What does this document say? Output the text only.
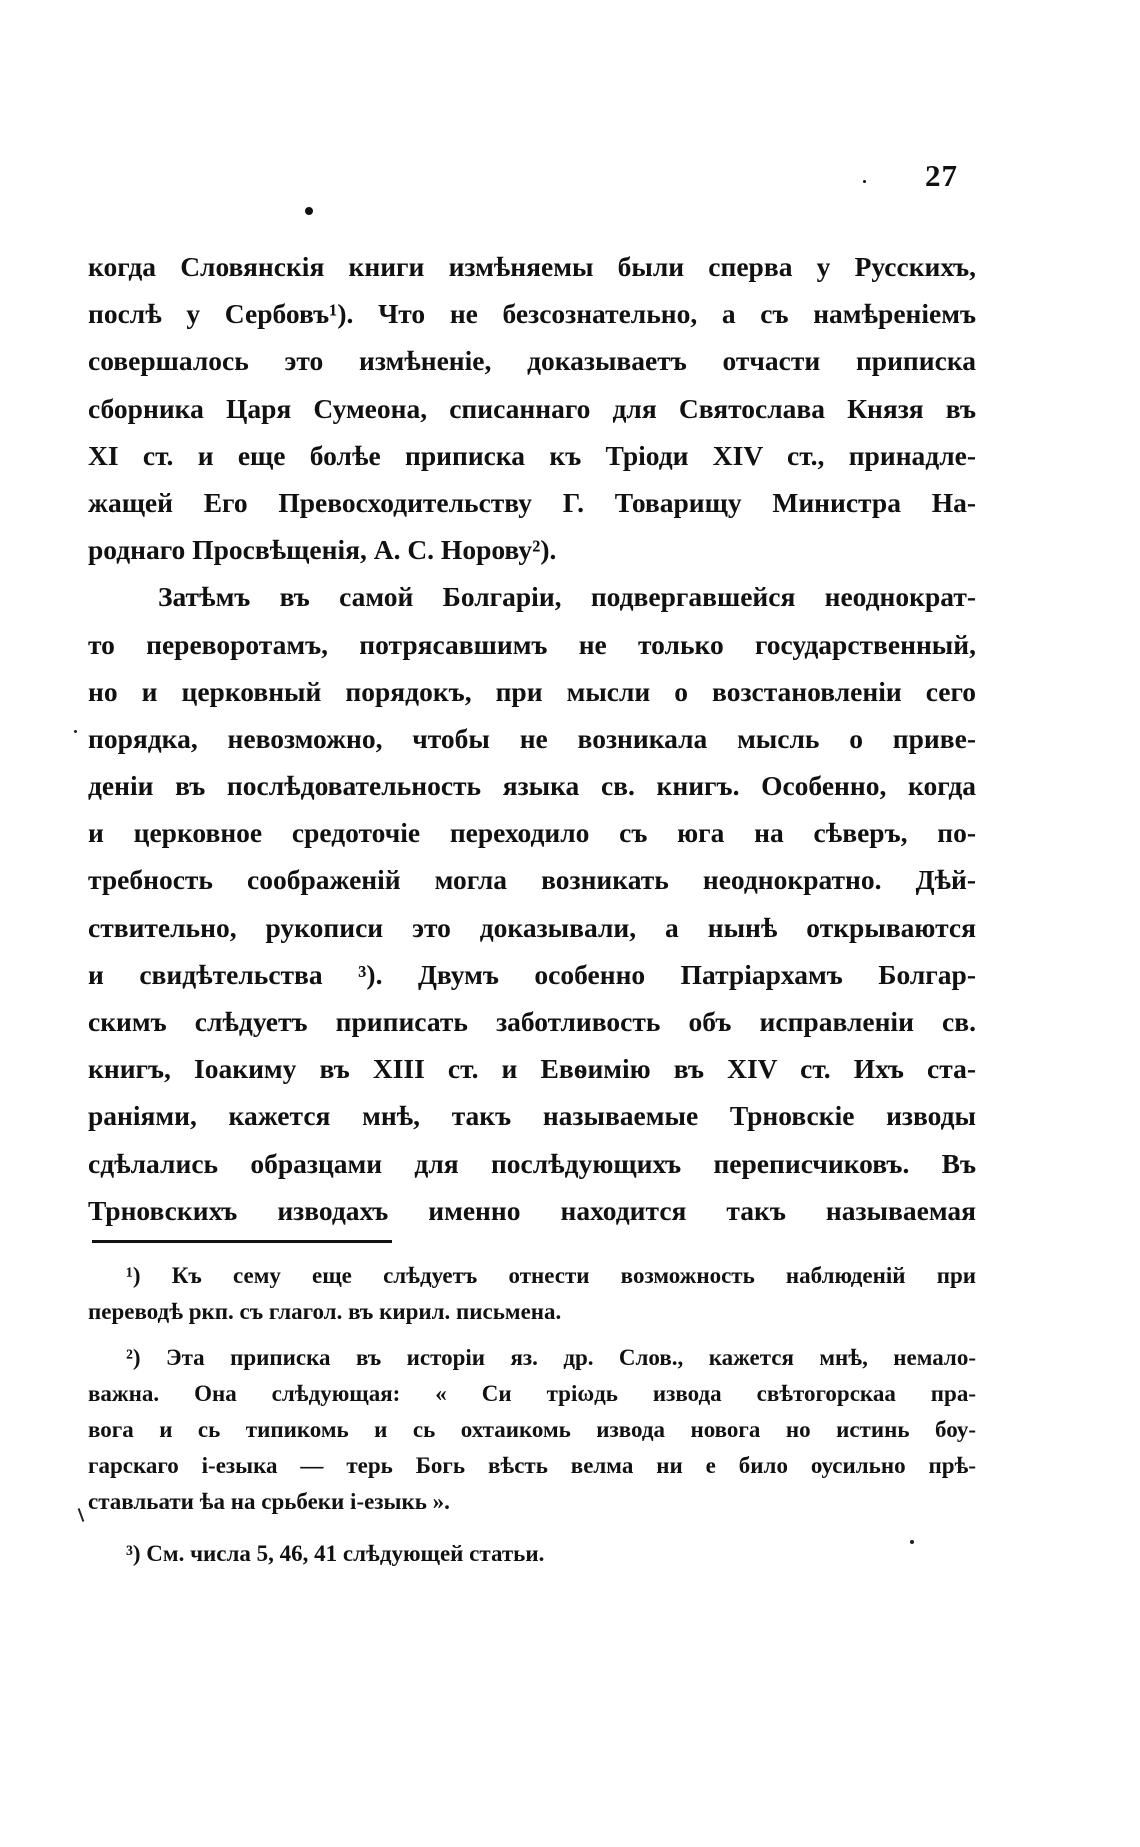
27
когда Словянскія книги измѣняемы были сперва у Русскихъ,
послѣ у Сербовъ¹). Что не безсознательно, а съ намѣреніемъ
совершалось это измѣненіе, доказываетъ отчасти приписка
сборника Царя Сумеона, списаннаго для Святослава Князя въ
XI ст. и еще болѣе приписка къ Тріоди XIV ст., принадле-
жащей Его Превосходительству Г. Товарищу Министра На-
роднаго Просвѣщенія, А. С. Норову²).
Затѣмъ въ самой Болгаріи, подвергавшейся неоднократ-
то переворотамъ, потрясавшимъ не только государственный,
но и церковный порядокъ, при мысли о возстановленіи сего
порядка, невозможно, чтобы не возникала мысль о приве-
деніи въ послѣдовательность языка св. книгъ. Особенно, когда
и церковное средоточіе переходило съ юга на сѣверъ, по-
требность соображеній могла возникать неоднократно. Дѣй-
ствительно, рукописи это доказывали, а нынѣ открываются
и свидѣтельства ³). Двумъ особенно Патріархамъ Болгар-
скимъ слѣдуетъ приписать заботливость объ исправленіи св.
книгъ, Іоакиму въ XIII ст. и Евѳимію въ XIV ст. Ихъ ста-
раніями, кажется мнѣ, такъ называемые Трновскіе изводы
сдѣлались образцами для послѣдующихъ переписчиковъ. Въ
Трновскихъ изводахъ именно находится такъ называемая
¹) Къ сему еще слѣдуетъ отнести возможность наблюденій при
переводѣ ркп. съ глагол. въ кирил. письмена.
²) Эта приписка въ исторіи яз. др. Слов., кажется мнѣ, немало-
важна. Она слѣдующая: « Си тріωдь извода свѣтогорскаа пра-
вога и сь типикомь и сь охтаикомь извода новога но истинь боу-
гарскаго і-езыка — терь Богь вѣсть велма ни е било оусильно прѣ-
ставльати ѣа на срьбеки і-езыкь ».
³) См. числа 5, 46, 41 слѣдующей статьи.
